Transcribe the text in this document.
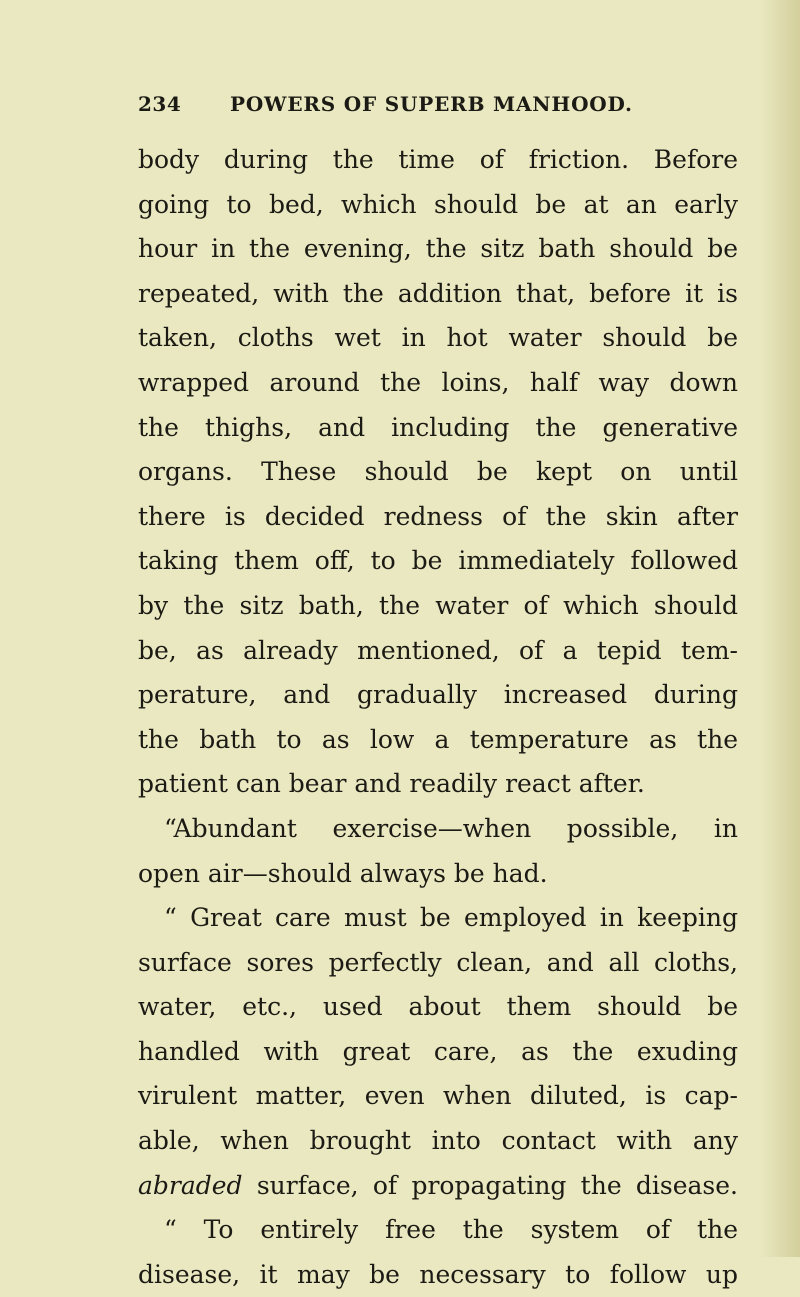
234 POWERS OF SUPERB MANHOOD.
body during the time of friction. Before
going to bed, which should be at an early
hour in the evening, the sitz bath should be
repeated, with the addition that, before it is
taken, cloths wet in hot water should be
wrapped around the loins, half way down
the thighs, and including the generative
organs. These should be kept on until
there is decided redness of the skin after
taking them off, to be immediately followed
by the sitz bath, the water of which should
be, as already mentioned, of a tepid tem-
perature, and gradually increased during
the bath to as low a temperature as the
patient can bear and readily react after.
“Abundant exercise—when possible, in
open air—should always be had.
“ Great care must be employed in keeping
surface sores perfectly clean, and all cloths,
water, etc., used about them should be
handled with great care, as the exuding
virulent matter, even when diluted, is cap-
able, when brought into contact with any
abraded surface, of propagating the disease.
“ To entirely free the system of the
disease, it may be necessary to follow up
